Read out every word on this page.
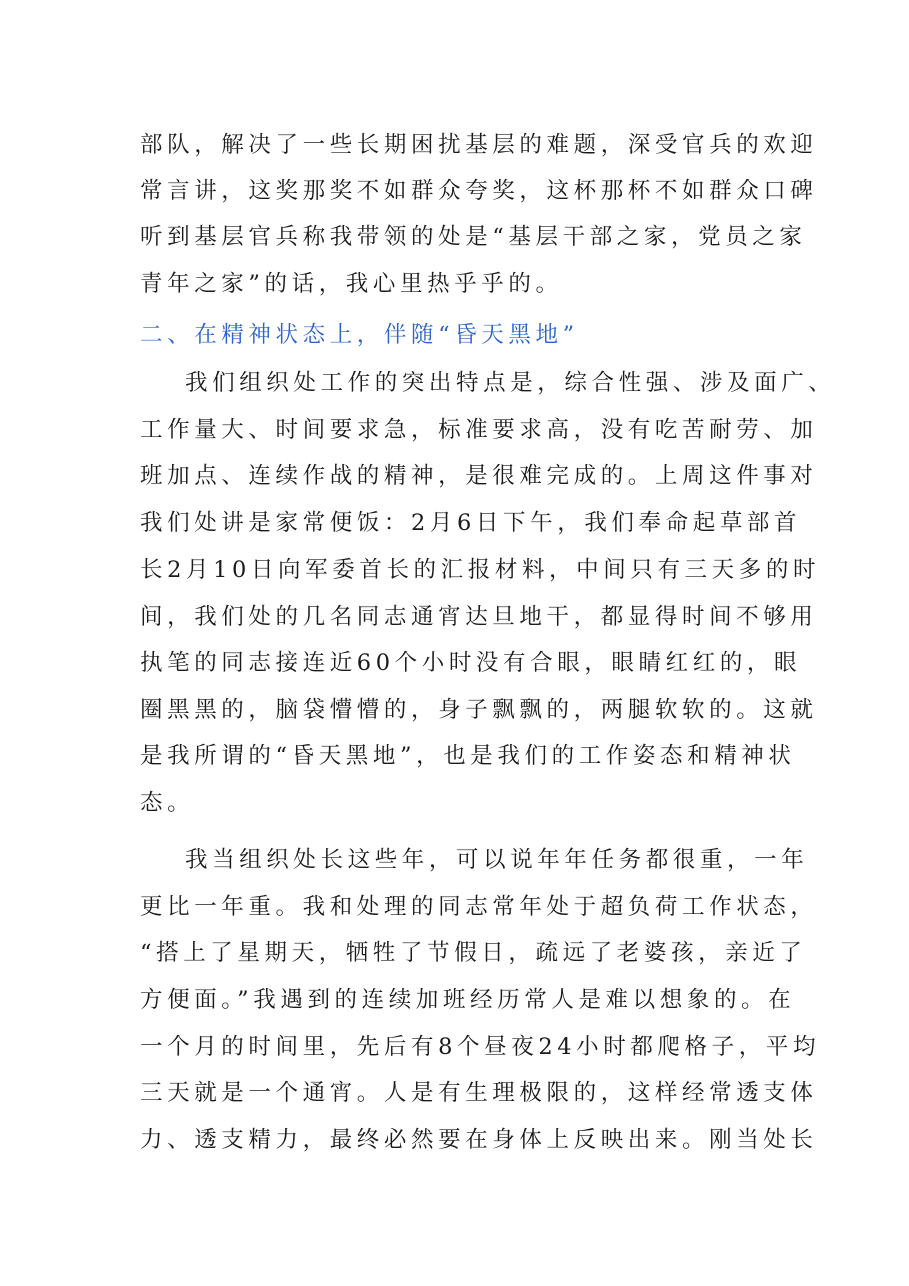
部队，解决了一些长期困扰基层的难题，深受官兵的欢迎
常言讲，这奖那奖不如群众夸奖，这杯那杯不如群众口碑
听到基层官兵称我带领的处是“基层干部之家，党员之家
青年之家”的话，我心里热乎乎的。
二、在精神状态上，伴随“昏天黑地”
我们组织处工作的突出特点是，综合性强、涉及面广、
工作量大、时间要求急，标准要求高，没有吃苦耐劳、加
班加点、连续作战的精神，是很难完成的。上周这件事对
我们处讲是家常便饭：2月6日下午，我们奉命起草部首
长2月10日向军委首长的汇报材料，中间只有三天多的时
间，我们处的几名同志通宵达旦地干，都显得时间不够用
执笔的同志接连近60个小时没有合眼，眼睛红红的，眼
圈黑黑的，脑袋懵懵的，身子飘飘的，两腿软软的。这就
是我所谓的“昏天黑地”，也是我们的工作姿态和精神状
态。
我当组织处长这些年，可以说年年任务都很重，一年
更比一年重。我和处理的同志常年处于超负荷工作状态，
“搭上了星期天，牺牲了节假日，疏远了老婆孩，亲近了
方便面。”我遇到的连续加班经历常人是难以想象的。在
一个月的时间里，先后有8个昼夜24小时都爬格子，平均
三天就是一个通宵。人是有生理极限的，这样经常透支体
力、透支精力，最终必然要在身体上反映出来。刚当处长
